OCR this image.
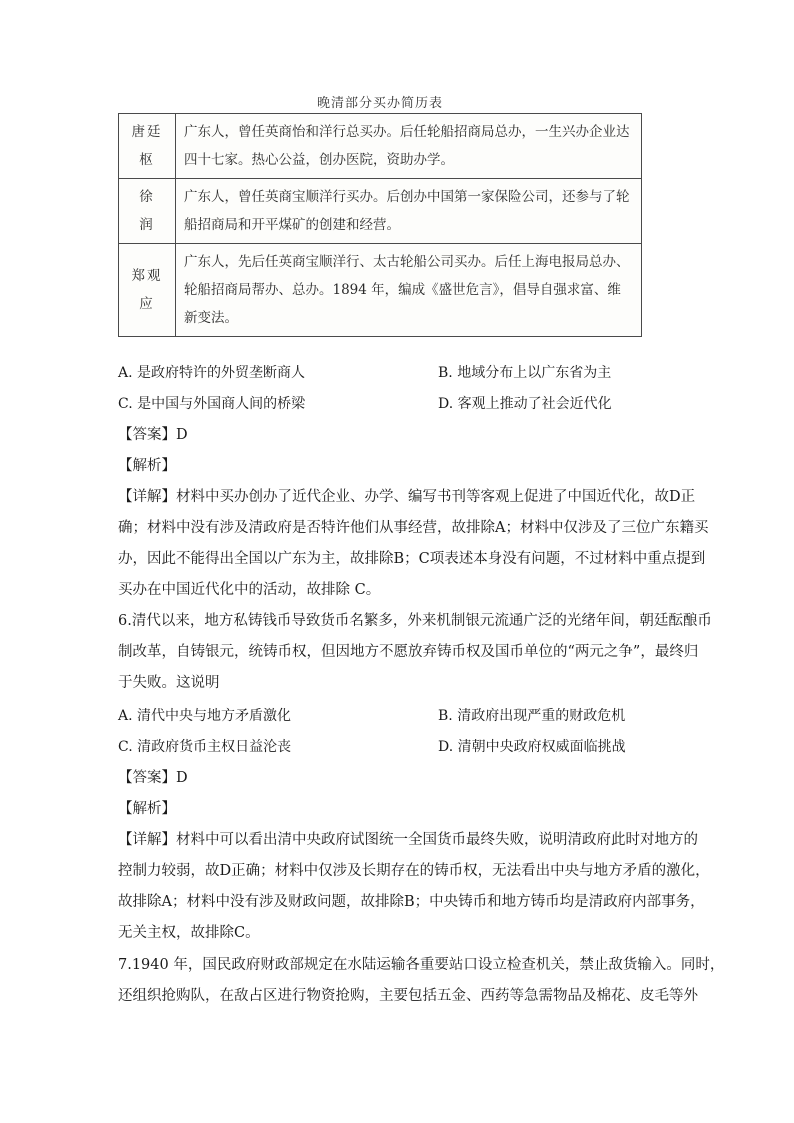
晚清部分买办简历表
唐廷枢	广东人，曾任英商怡和洋行总买办。后任轮船招商局总办，一生兴办企业达四十七家。热心公益，创办医院，资助办学。
徐　润	广东人，曾任英商宝顺洋行买办。后创办中国第一家保险公司，还参与了轮船招商局和开平煤矿的创建和经营。
郑观应	广东人，先后任英商宝顺洋行、太古轮船公司买办。后任上海电报局总办、轮船招商局帮办、总办。1894 年，编成《盛世危言》，倡导自强求富、维新变法。
A. 是政府特许的外贸垄断商人	B. 地域分布上以广东省为主
C. 是中国与外国商人间的桥梁	D. 客观上推动了社会近代化
【答案】D
【解析】
【详解】材料中买办创办了近代企业、办学、编写书刊等客观上促进了中国近代化，故D正
确；材料中没有涉及清政府是否特许他们从事经营，故排除A；材料中仅涉及了三位广东籍买
办，因此不能得出全国以广东为主，故排除B；C项表述本身没有问题，不过材料中重点提到
买办在中国近代化中的活动，故排除 C。
6.清代以来，地方私铸钱币导致货币名繁多，外来机制银元流通广泛的光绪年间，朝廷酝酿币
制改革，自铸银元，统铸币权，但因地方不愿放弃铸币权及国币单位的“两元之争”，最终归
于失败。这说明
A. 清代中央与地方矛盾激化	B. 清政府出现严重的财政危机
C. 清政府货币主权日益沦丧	D. 清朝中央政府权威面临挑战
【答案】D
【解析】
【详解】材料中可以看出清中央政府试图统一全国货币最终失败，说明清政府此时对地方的
控制力较弱，故D正确；材料中仅涉及长期存在的铸币权，无法看出中央与地方矛盾的激化，
故排除A；材料中没有涉及财政问题，故排除B；中央铸币和地方铸币均是清政府内部事务，
无关主权，故排除C。
7.1940 年，国民政府财政部规定在水陆运输各重要站口设立检查机关，禁止敌货输入。同时，
还组织抢购队，在敌占区进行物资抢购，主要包括五金、西药等急需物品及棉花、皮毛等外
